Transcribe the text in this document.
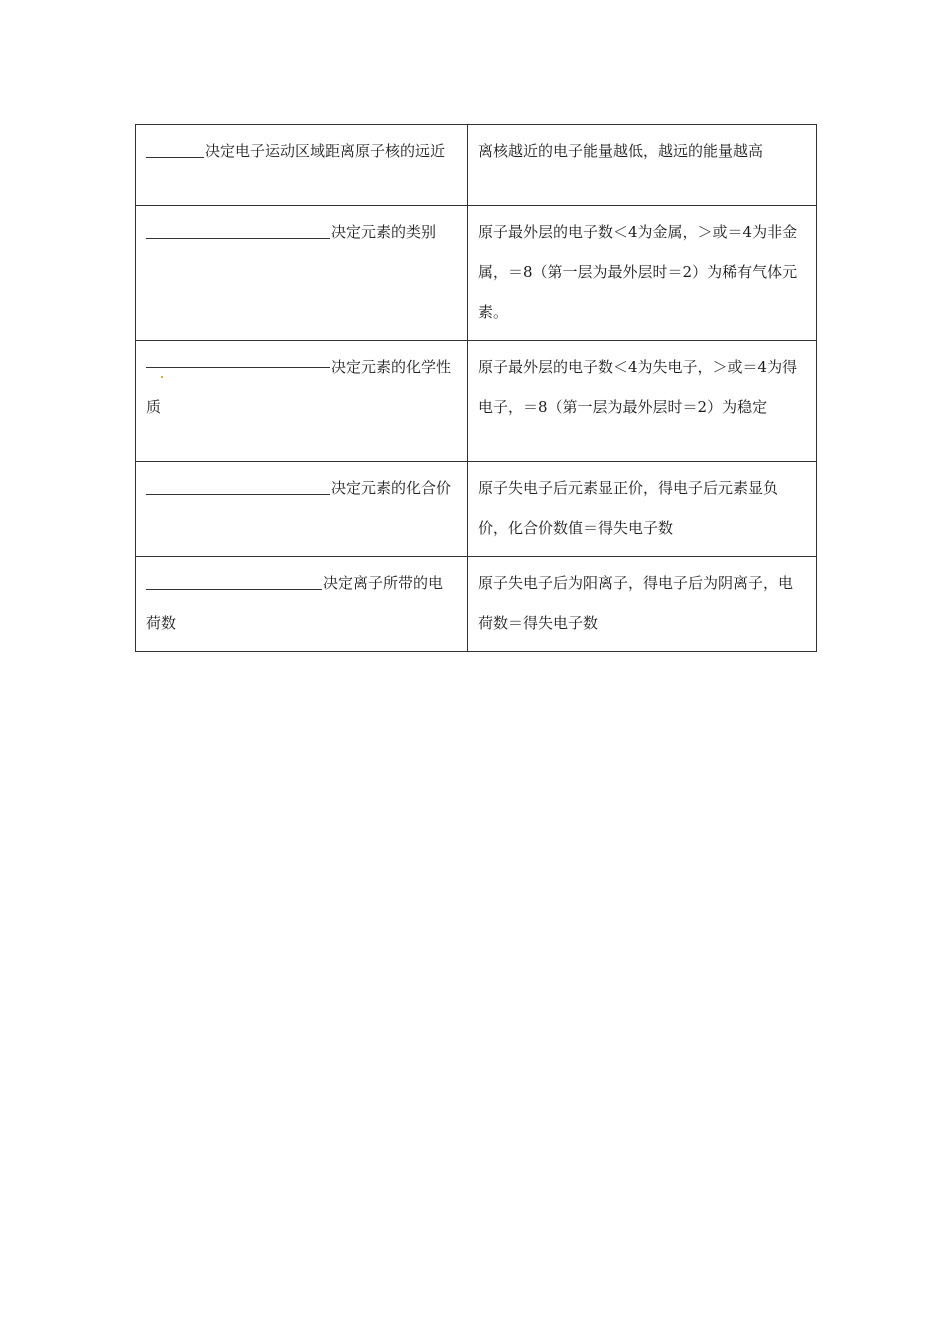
决定电子运动区域距离原子核的远近	离核越近的电子能量越低，越远的能量越高
决定元素的类别	原子最外层的电子数＜4为金属，＞或＝4为非金属，＝8（第一层为最外层时＝2）为稀有气体元素。
决定元素的化学性质	原子最外层的电子数＜4为失电子，＞或＝4为得电子，＝8（第一层为最外层时＝2）为稳定
决定元素的化合价	原子失电子后元素显正价，得电子后元素显负价，化合价数值＝得失电子数
决定离子所带的电荷数	原子失电子后为阳离子，得电子后为阴离子，电荷数＝得失电子数
